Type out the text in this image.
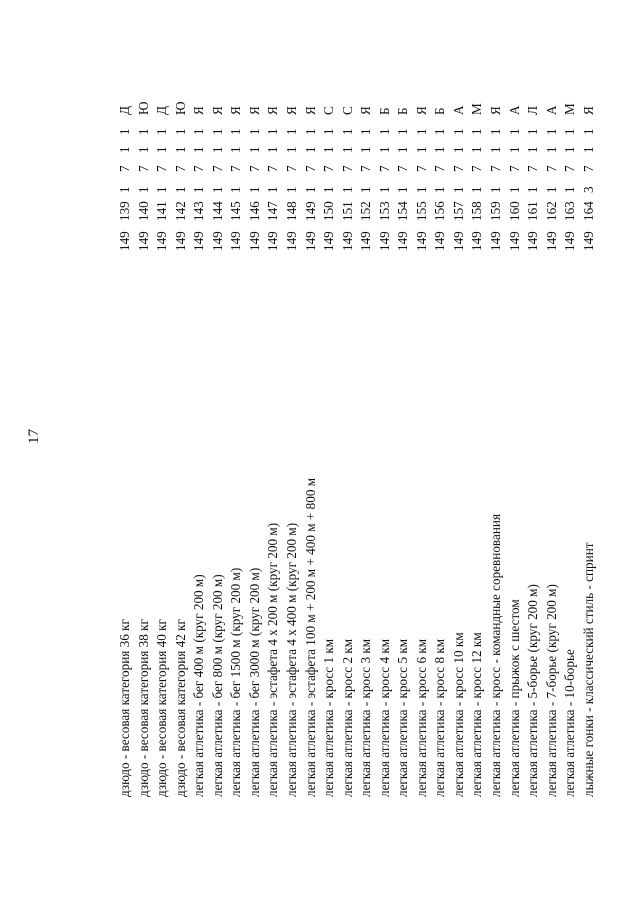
17
дзюдо - весовая категория 36 кг
149
139
1
7
1
1
Д
дзюдо - весовая категория 38 кг
149
140
1
7
1
1
Ю
дзюдо - весовая категория 40 кг
149
141
1
7
1
1
Д
дзюдо - весовая категория 42 кг
149
142
1
7
1
1
Ю
легкая атлетика - бег 400 м (круг 200 м)
149
143
1
7
1
1
Я
легкая атлетика - бег 800 м (круг 200 м)
149
144
1
7
1
1
Я
легкая атлетика - бег 1500 м (круг 200 м)
149
145
1
7
1
1
Я
легкая атлетика - бег 3000 м (круг 200 м)
149
146
1
7
1
1
Я
легкая атлетика - эстафета 4 х 200 м (круг 200 м)
149
147
1
7
1
1
Я
легкая атлетика - эстафета 4 х 400 м (круг 200 м)
149
148
1
7
1
1
Я
легкая атлетика - эстафета 100 м + 200 м + 400 м + 800 м
149
149
1
7
1
1
Я
легкая атлетика - кросс 1 км
149
150
1
7
1
1
С
легкая атлетика - кросс 2 км
149
151
1
7
1
1
С
легкая атлетика - кросс 3 км
149
152
1
7
1
1
Я
легкая атлетика - кросс 4 км
149
153
1
7
1
1
Б
легкая атлетика - кросс 5 км
149
154
1
7
1
1
Б
легкая атлетика - кросс 6 км
149
155
1
7
1
1
Я
легкая атлетика - кросс 8 км
149
156
1
7
1
1
Б
легкая атлетика - кросс 10 км
149
157
1
7
1
1
А
легкая атлетика - кросс 12 км
149
158
1
7
1
1
М
легкая атлетика - кросс - командные соревнования
149
159
1
7
1
1
Я
легкая атлетика - прыжок с шестом
149
160
1
7
1
1
А
легкая атлетика - 5-борье (круг 200 м)
149
161
1
7
1
1
Л
легкая атлетика - 7-борье (круг 200 м)
149
162
1
7
1
1
А
легкая атлетика - 10-борье
149
163
1
7
1
1
М
лыжные гонки - классический стиль - спринт
149
164
3
7
1
1
Я
